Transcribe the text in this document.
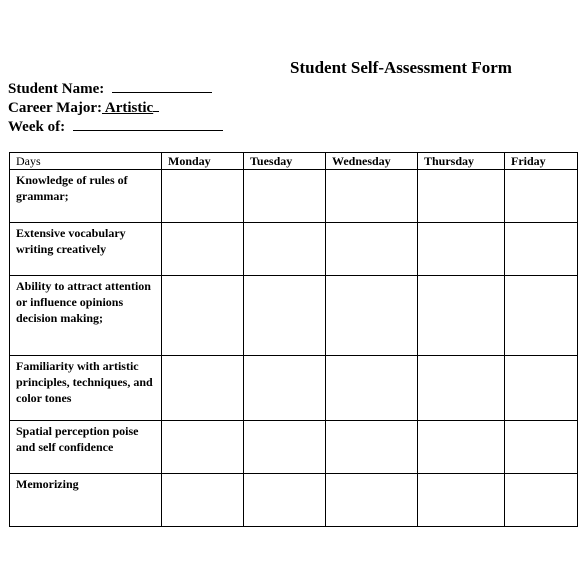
Student Self-Assessment Form
Student Name:
Career Major: Artistic
Week of:
Days	Monday	Tuesday	Wednesday	Thursday	Friday
Knowledge of rules of grammar;					
Extensive vocabulary writing creatively					
Ability to attract attention or influence opinions decision making;					
Familiarity with artistic principles, techniques, and color tones					
Spatial perception poise and self confidence					
Memorizing					
